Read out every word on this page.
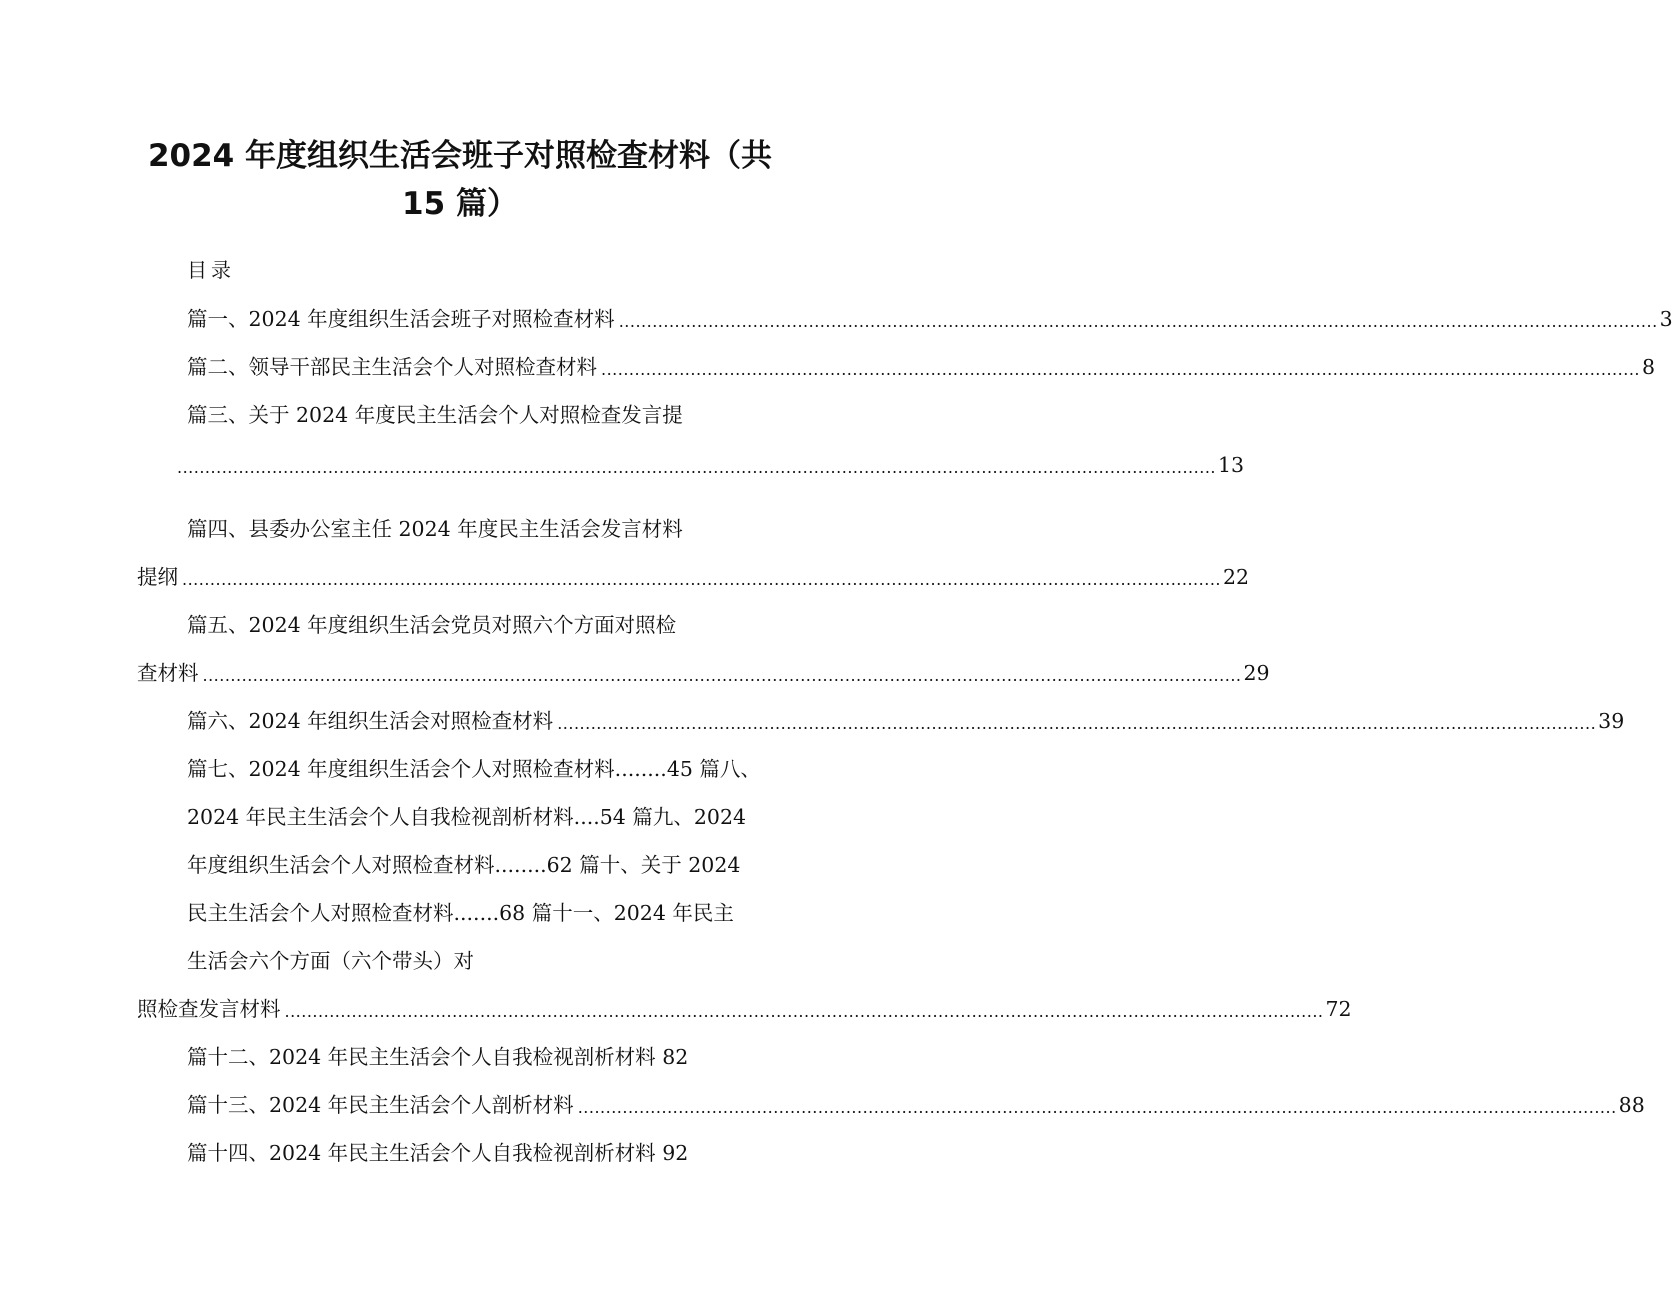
2024 年度组织生活会班子对照检查材料（共
15 篇）
目录
篇一、2024 年度组织生活会班子对照检查材料 .......................................................................................................................................................................................... 3
篇二、领导干部民主生活会个人对照检查材料 .......................................................................................................................................................................................... 8
篇三、关于 2024 年度民主生活会个人对照检查发言提
.......................................................................................................................................................................................... 13
篇四、县委办公室主任 2024 年度民主生活会发言材料
提纲 .......................................................................................................................................................................................... 22
篇五、2024 年度组织生活会党员对照六个方面对照检
查材料 .......................................................................................................................................................................................... 29
篇六、2024 年组织生活会对照检查材料 .......................................................................................................................................................................................... 39
篇七、2024 年度组织生活会个人对照检查材料........45 篇八、
2024 年民主生活会个人自我检视剖析材料....54 篇九、2024
年度组织生活会个人对照检查材料........62 篇十、关于 2024
民主生活会个人对照检查材料.......68 篇十一、2024 年民主
生活会六个方面（六个带头）对
照检查发言材料 .......................................................................................................................................................................................... 72
篇十二、2024 年民主生活会个人自我检视剖析材料 82
篇十三、2024 年民主生活会个人剖析材料 .......................................................................................................................................................................................... 88
篇十四、2024 年民主生活会个人自我检视剖析材料 92
